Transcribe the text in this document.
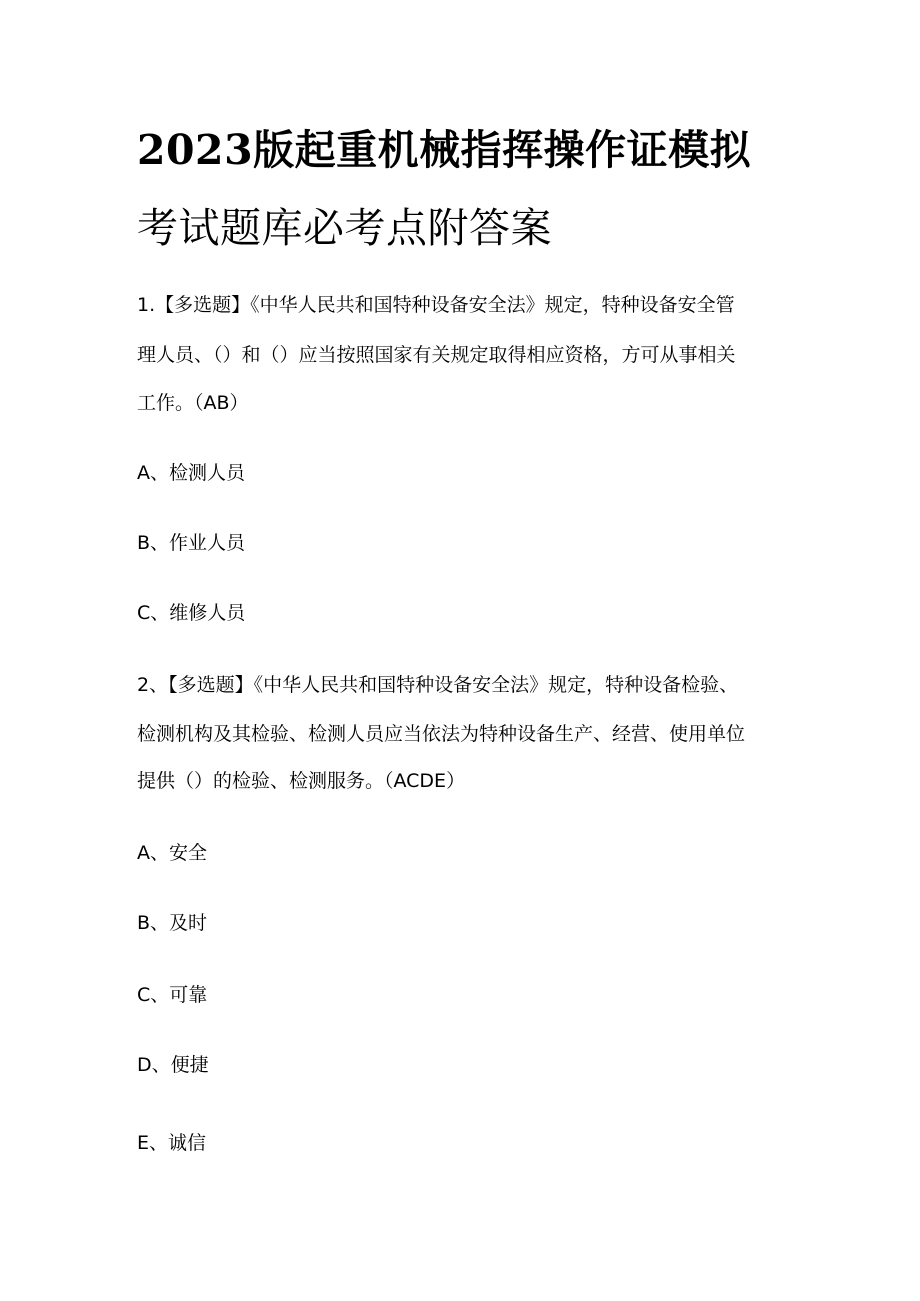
2023版起重机械指挥操作证模拟
考试题库必考点附答案
1.【多选题】《中华人民共和国特种设备安全法》规定，特种设备安全管
理人员、（）和（）应当按照国家有关规定取得相应资格，方可从事相关
工作。（AB）
A、检测人员
B、作业人员
C、维修人员
2、【多选题】《中华人民共和国特种设备安全法》规定，特种设备检验、
检测机构及其检验、检测人员应当依法为特种设备生产、经营、使用单位
提供（）的检验、检测服务。（ACDE）
A、安全
B、及时
C、可靠
D、便捷
E、诚信
